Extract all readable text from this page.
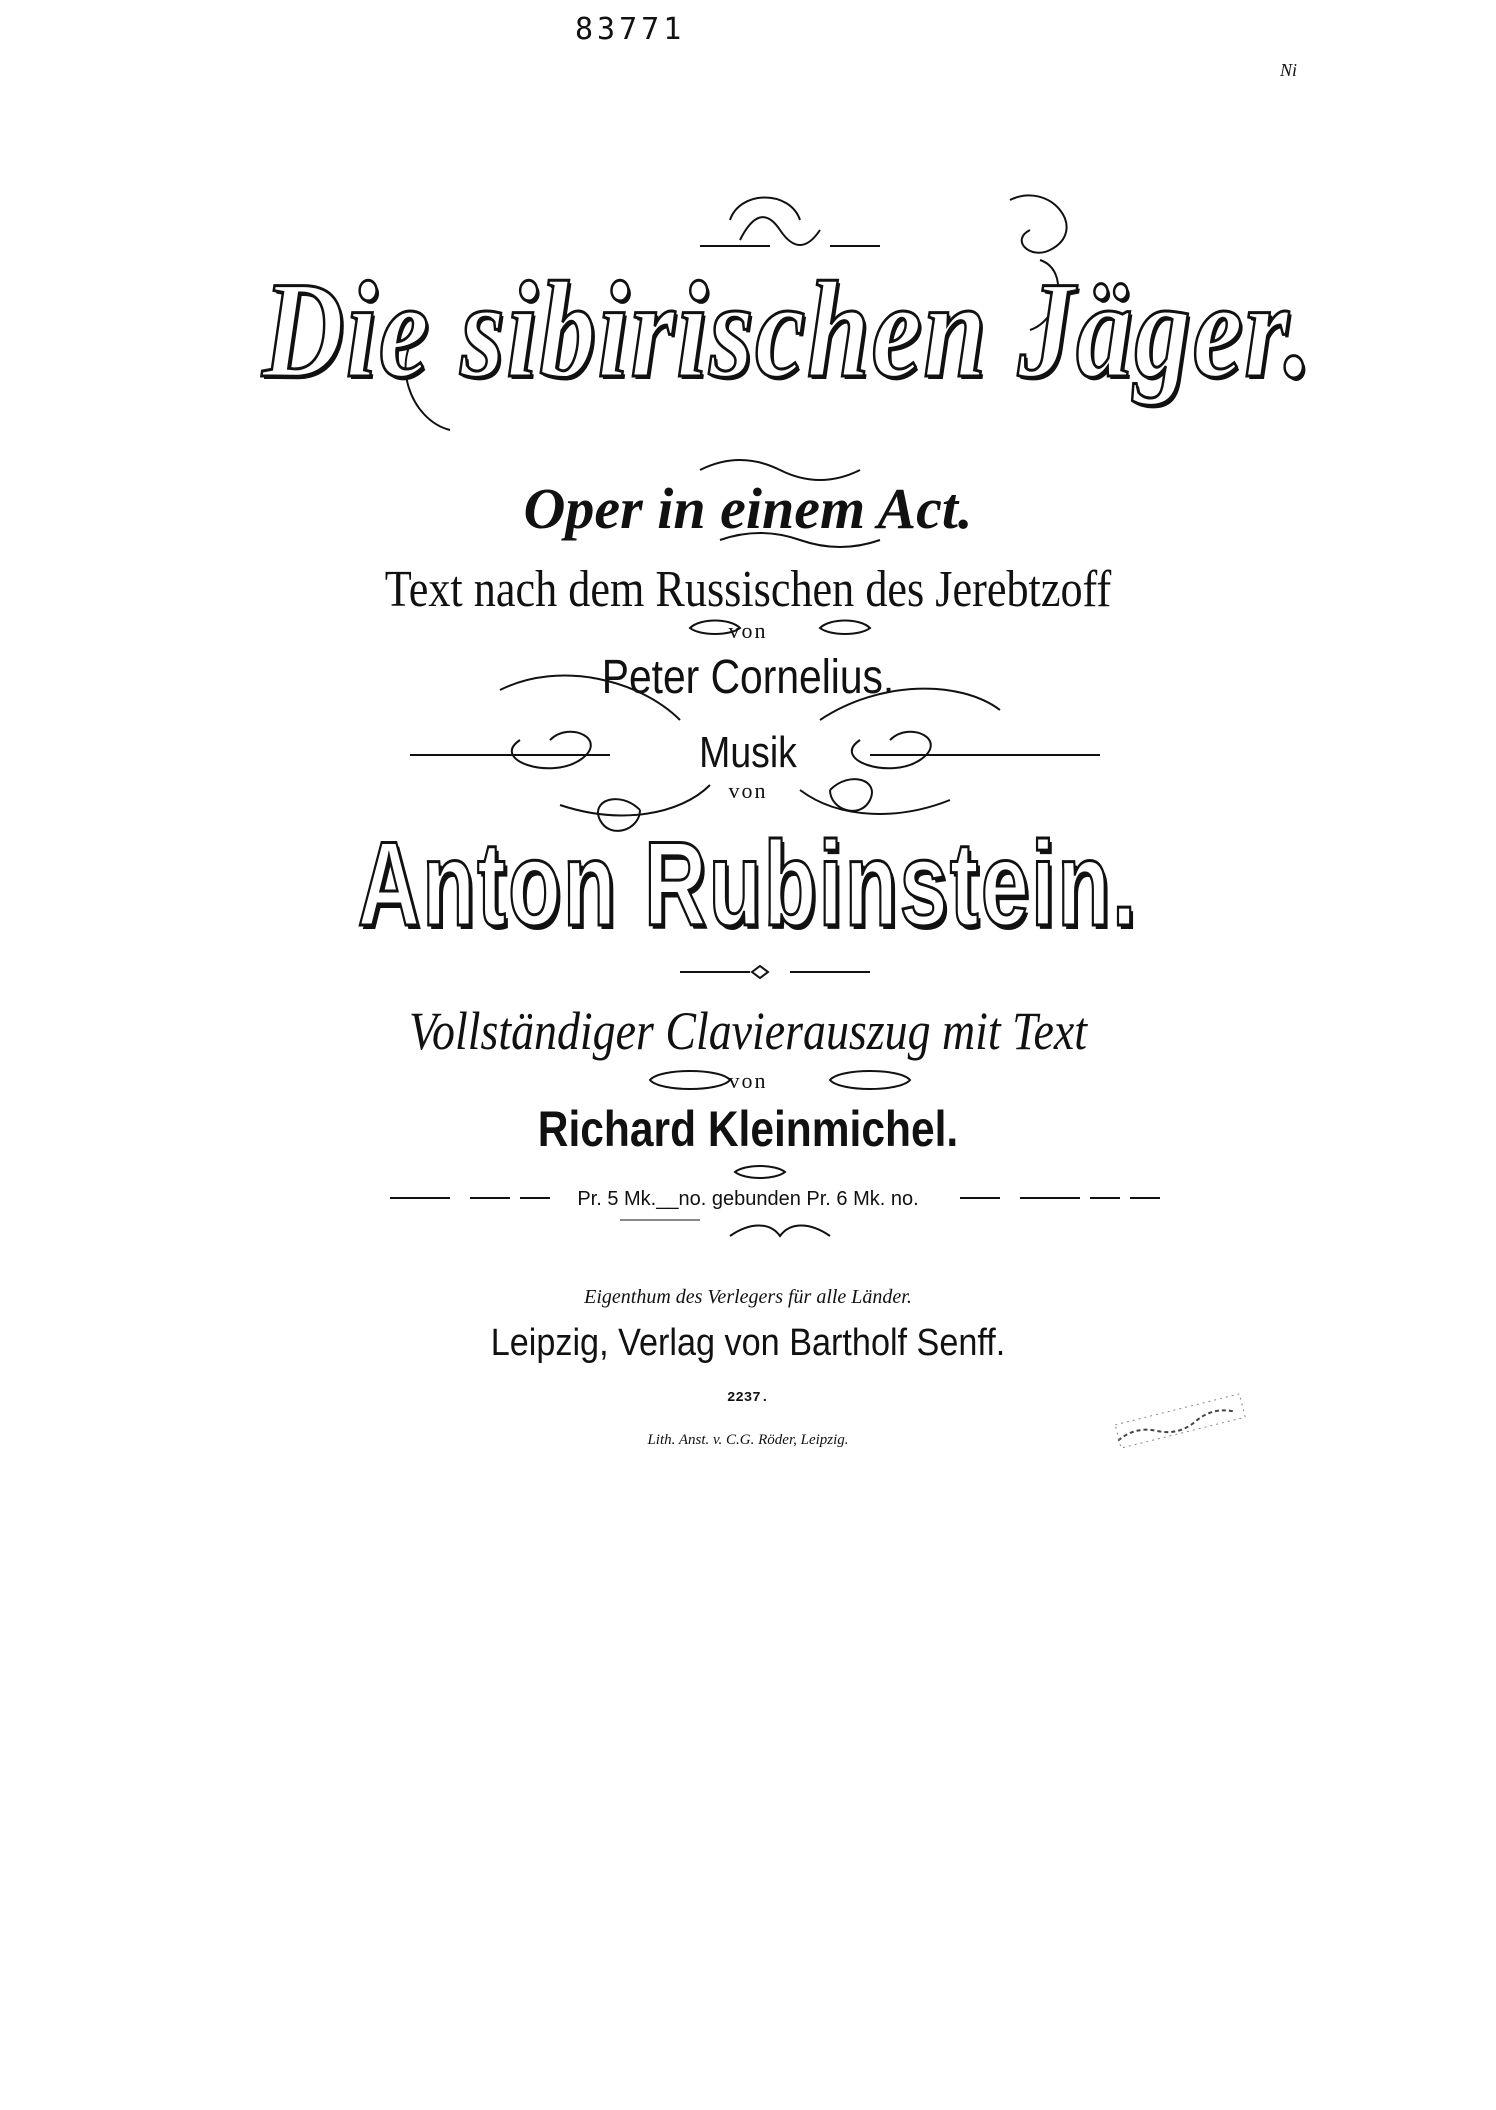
83771
Ni
Die sibirischen Jäger.
Oper in einem Act.
Text nach dem Russischen des Jerebtzoff
von
Peter Cornelius.
Musik
von
Anton Rubinstein.
Vollständiger Clavierauszug mit Text
von
Richard Kleinmichel.
Pr. 5 Mk.__no. gebunden Pr. 6 Mk. no.
Eigenthum des Verlegers für alle Länder.
Leipzig, Verlag von Bartholf Senff.
2237.
Lith. Anst. v. C.G. Röder, Leipzig.
